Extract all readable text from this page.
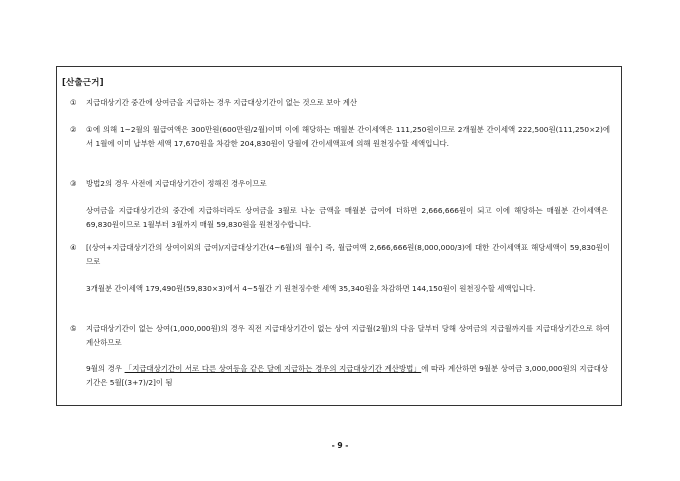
[산출근거]
①	지급대상기간 중간에 상여금을 지급하는 경우 지급대상기간이 없는 것으로 보아 계산
②	①에 의해 1~2월의 월급여액은 300만원(600만원/2월)이며 이에 해당하는 매월분 간이세액은 111,250원이므로 2개월분 간이세액 222,500원(111,250×2)에서 1월에 이미 납부한 세액 17,670원을 차감한 204,830원이 당월에 간이세액표에 의해 원천징수할 세액입니다.
③	방법2의 경우 사전에 지급대상기간이 정해진 경우이므로
상여금을 지급대상기간의 중간에 지급하더라도 상여금을 3월로 나눈 금액을 매월분 급여에 더하면 2,666,666원이 되고 이에 해당하는 매월분 간이세액은 69,830원이므로 1월부터 3월까지 매월 59,830원을 원천징수합니다.
④	[(상여+지급대상기간의 상여이외의 급여)/지급대상기간(4~6월)의 월수] 즉, 월급여액 2,666,666원(8,000,000/3)에 대한 간이세액표 해당세액이 59,830원이므로
3개월분 간이세액 179,490원(59,830×3)에서 4~5월간 기 원천징수한 세액 35,340원을 차감하면 144,150원이 원천징수할 세액입니다.
⑤	지급대상기간이 없는 상여(1,000,000원)의 경우 직전 지급대상기간이 없는 상여 지급월(2월)의 다음 달부터 당해 상여금의 지급월까지를 지급대상기간으로 하여 계산하므로
9월의 경우 「지급대상기간이 서로 다른 상여등을 같은 달에 지급하는 경우의 지급대상기간 계산방법」에 따라 계산하면 9월분 상여금 3,000,000원의 지급대상기간은 5월[(3+7)/2]이 됨
- 9 -
